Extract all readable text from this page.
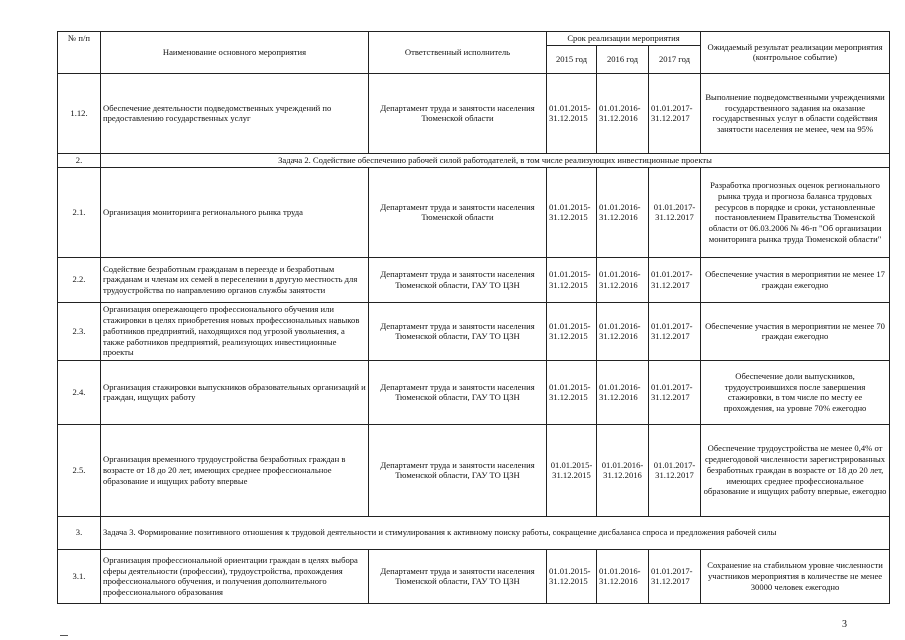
№ п/п	Наименование основного мероприятия	Ответственный исполнитель	Срок реализации мероприятия			Ожидаемый результат реализации мероприятия (контрольное событие)
			2015 год	2016 год	2017 год	
1.12.	Обеспечение деятельности подведомственных учреждений по предоставлению государственных услуг	Департамент труда и занятости населения Тюменской области	01.01.2015-31.12.2015	01.01.2016-31.12.2016	01.01.2017-31.12.2017	Выполнение подведомственными учреждениями государственного задания на оказание государственных услуг в области содействия занятости населения не менее, чем на 95%
2.	Задача 2. Содействие обеспечению рабочей силой работодателей, в том числе реализующих инвестиционные проекты					
2.1.	Организация мониторинга регионального рынка труда	Департамент труда и занятости населения Тюменской области	01.01.2015-31.12.2015	01.01.2016-31.12.2016	01.01.2017-31.12.2017	Разработка прогнозных оценок регионального рынка труда и прогноза баланса трудовых ресурсов в порядке и сроки, установленные постановлением Правительства Тюменской области от 06.03.2006 № 46-п "Об организации мониторинга рынка труда Тюменской области"
2.2.	Содействие безработным гражданам в переезде и безработным гражданам и членам их семей в переселении в другую местность для трудоустройства по направлению органов службы занятости	Департамент труда и занятости населения Тюменской области, ГАУ ТО ЦЗН	01.01.2015-31.12.2015	01.01.2016-31.12.2016	01.01.2017-31.12.2017	Обеспечение участия в мероприятии не менее 17 граждан ежегодно
2.3.	Организация опережающего профессионального обучения или стажировки в целях приобретения новых профессиональных навыков работников предприятий, находящихся под угрозой увольнения, а также работников предприятий, реализующих инвестиционные проекты	Департамент труда и занятости населения Тюменской области, ГАУ ТО ЦЗН	01.01.2015-31.12.2015	01.01.2016-31.12.2016	01.01.2017-31.12.2017	Обеспечение участия в мероприятии не менее 70 граждан ежегодно
2.4.	Организация стажировки выпускников образовательных организаций и граждан, ищущих работу	Департамент труда и занятости населения Тюменской области, ГАУ ТО ЦЗН	01.01.2015-31.12.2015	01.01.2016-31.12.2016	01.01.2017-31.12.2017	Обеспечение доли выпускников, трудоустроившихся после завершения стажировки, в том числе по месту ее прохождения, на уровне 70% ежегодно
2.5.	Организация временного трудоустройства безработных граждан в возрасте от 18 до 20 лет, имеющих среднее профессиональное образование и ищущих работу впервые	Департамент труда и занятости населения Тюменской области, ГАУ ТО ЦЗН	01.01.2015-31.12.2015	01.01.2016-31.12.2016	01.01.2017-31.12.2017	Обеспечение трудоустройства не менее 0,4% от среднегодовой численности зарегистрированных безработных граждан в возрасте от 18 до 20 лет, имеющих среднее профессиональное образование и ищущих работу впервые, ежегодно
3.	Задача 3. Формирование позитивного отношения к трудовой деятельности и стимулирования к активному поиску работы, сокращение дисбаланса спроса и предложения рабочей силы					
3.1.	Организация профессиональной ориентации граждан в целях выбора сферы деятельности (профессии), трудоустройства, прохождения профессионального обучения, и получения дополнительного профессионального образования	Департамент труда и занятости населения Тюменской области, ГАУ ТО ЦЗН	01.01.2015-31.12.2015	01.01.2016-31.12.2016	01.01.2017-31.12.2017	Сохранение на стабильном уровне численности участников мероприятия в количестве не менее 30000 человек ежегодно
3
